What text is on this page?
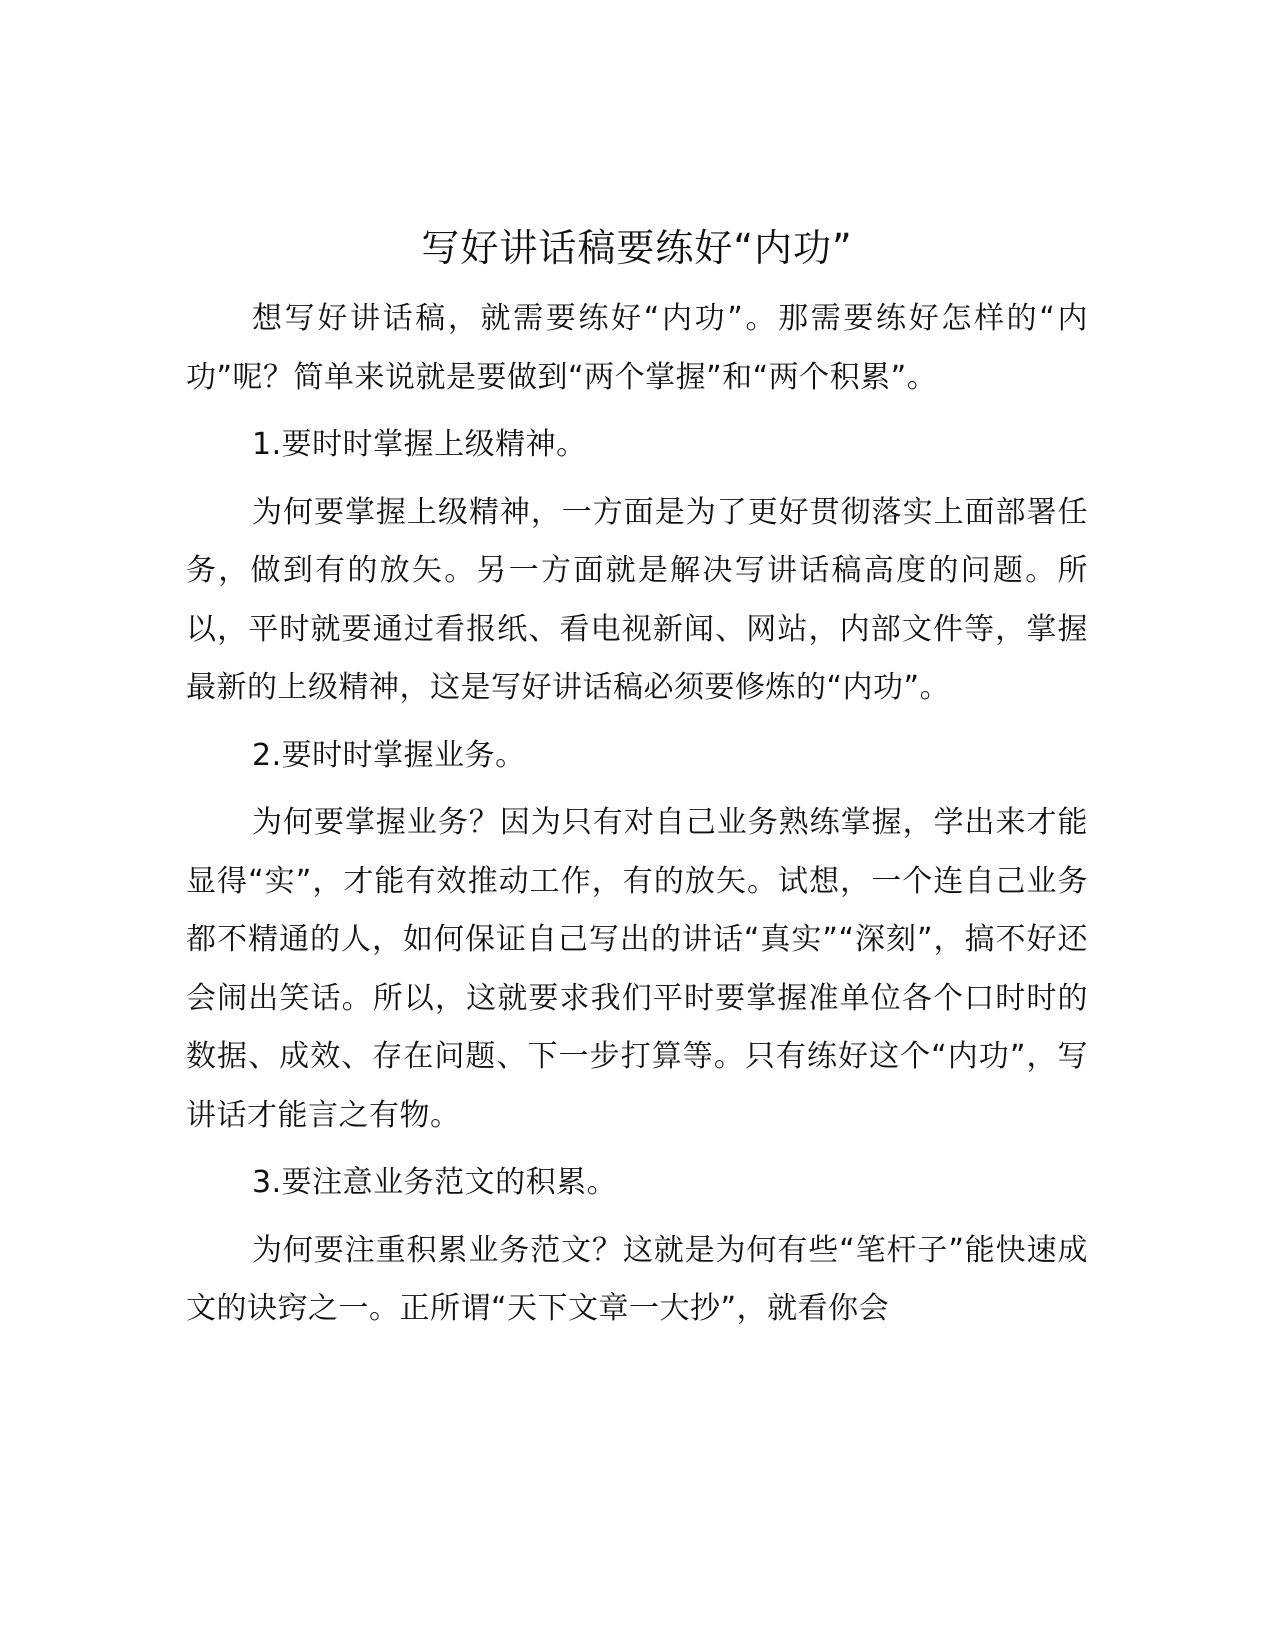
写好讲话稿要练好“内功”

想写好讲话稿，就需要练好“内功”。那需要练好怎样的“内功”呢？简单来说就是要做到“两个掌握”和“两个积累”。

1.要时时掌握上级精神。

为何要掌握上级精神，一方面是为了更好贯彻落实上面部署任务，做到有的放矢。另一方面就是解决写讲话稿高度的问题。所以，平时就要通过看报纸、看电视新闻、网站，内部文件等，掌握最新的上级精神，这是写好讲话稿必须要修炼的“内功”。

2.要时时掌握业务。

为何要掌握业务？因为只有对自己业务熟练掌握，学出来才能显得“实”，才能有效推动工作，有的放矢。试想，一个连自己业务都不精通的人，如何保证自己写出的讲话“真实”“深刻”，搞不好还会闹出笑话。所以，这就要求我们平时要掌握准单位各个口时时的数据、成效、存在问题、下一步打算等。只有练好这个“内功”，写讲话才能言之有物。

3.要注意业务范文的积累。

为何要注重积累业务范文？这就是为何有些“笔杆子”能快速成文的诀窍之一。正所谓“天下文章一大抄”，就看你会
